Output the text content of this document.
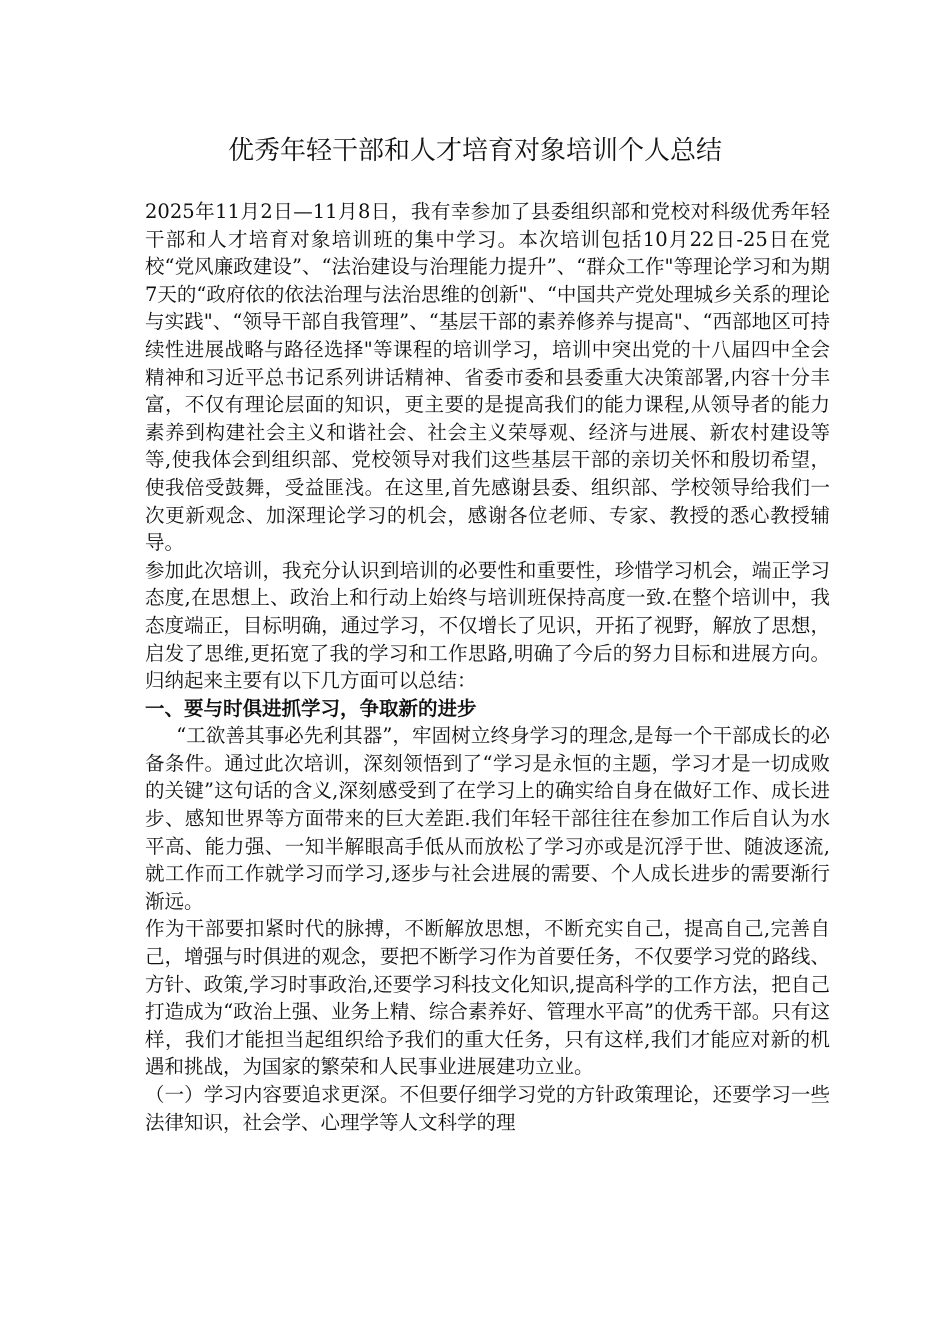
优秀年轻干部和人才培育对象培训个人总结

2025年11月2日—11月8日，我有幸参加了县委组织部和党校对科级优秀年轻干部和人才培育对象培训班的集中学习。本次培训包括10月22日-25日在党校“党风廉政建设”、“法治建设与治理能力提升”、“群众工作"等理论学习和为期7天的“政府依的依法治理与法治思维的创新"、“中国共产党处理城乡关系的理论与实践"、“领导干部自我管理”、“基层干部的素养修养与提高"、“西部地区可持续性进展战略与路径选择"等课程的培训学习，培训中突出党的十八届四中全会精神和习近平总书记系列讲话精神、省委市委和县委重大决策部署,内容十分丰富，不仅有理论层面的知识，更主要的是提高我们的能力课程,从领导者的能力素养到构建社会主义和谐社会、社会主义荣辱观、经济与进展、新农村建设等等,使我体会到组织部、党校领导对我们这些基层干部的亲切关怀和殷切希望，使我倍受鼓舞，受益匪浅。在这里,首先感谢县委、组织部、学校领导给我们一次更新观念、加深理论学习的机会，感谢各位老师、专家、教授的悉心教授辅导。

参加此次培训，我充分认识到培训的必要性和重要性，珍惜学习机会，端正学习态度,在思想上、政治上和行动上始终与培训班保持高度一致.在整个培训中，我态度端正，目标明确，通过学习，不仅增长了见识，开拓了视野，解放了思想，启发了思维,更拓宽了我的学习和工作思路,明确了今后的努力目标和进展方向。归纳起来主要有以下几方面可以总结：

一、要与时俱进抓学习，争取新的进步

“工欲善其事必先利其器”，牢固树立终身学习的理念,是每一个干部成长的必备条件。通过此次培训，深刻领悟到了“学习是永恒的主题，学习才是一切成败的关键”这句话的含义,深刻感受到了在学习上的确实给自身在做好工作、成长进步、感知世界等方面带来的巨大差距.我们年轻干部往往在参加工作后自认为水平高、能力强、一知半解眼高手低从而放松了学习亦或是沉浮于世、随波逐流,就工作而工作就学习而学习,逐步与社会进展的需要、个人成长进步的需要渐行渐远。

作为干部要扣紧时代的脉搏，不断解放思想，不断充实自己，提高自己,完善自己，增强与时俱进的观念，要把不断学习作为首要任务，不仅要学习党的路线、方针、政策,学习时事政治,还要学习科技文化知识,提高科学的工作方法，把自己打造成为“政治上强、业务上精、综合素养好、管理水平高”的优秀干部。只有这样，我们才能担当起组织给予我们的重大任务，只有这样,我们才能应对新的机遇和挑战，为国家的繁荣和人民事业进展建功立业。

（一）学习内容要追求更深。不但要仔细学习党的方针政策理论，还要学习一些法律知识，社会学、心理学等人文科学的理
